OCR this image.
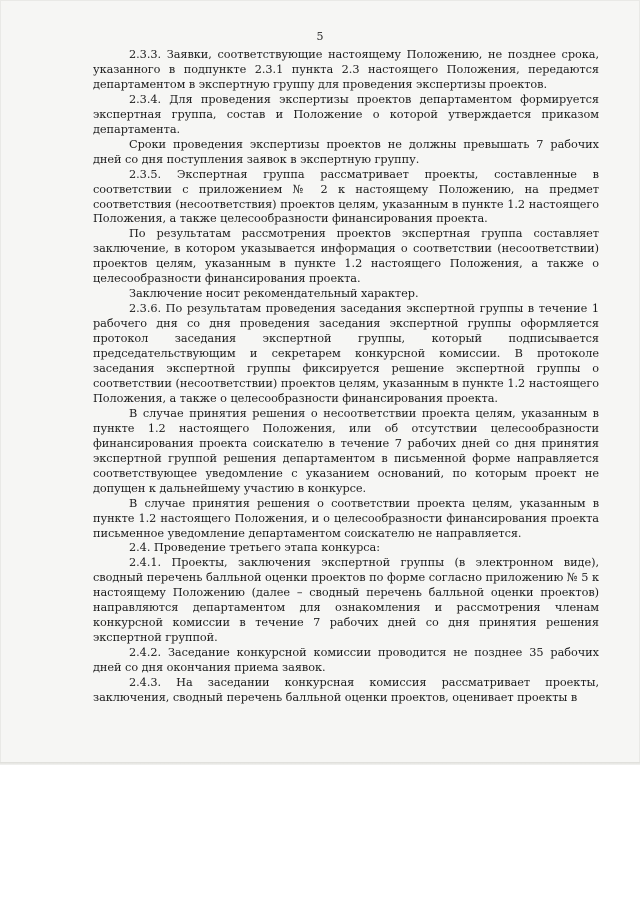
5

2.3.3. Заявки, соответствующие настоящему Положению, не позднее срока, указанного в подпункте 2.3.1 пункта 2.3 настоящего Положения, передаются департаментом в экспертную группу для проведения экспертизы проектов.

2.3.4. Для проведения экспертизы проектов департаментом формируется экспертная группа, состав и Положение о которой утверждается приказом департамента.

Сроки проведения экспертизы проектов не должны превышать 7 рабочих дней со дня поступления заявок в экспертную группу.

2.3.5. Экспертная группа рассматривает проекты, составленные в соответствии с приложением № 2 к настоящему Положению, на предмет соответствия (несоответствия) проектов целям, указанным в пункте 1.2 настоящего Положения, а также целесообразности финансирования проекта.

По результатам рассмотрения проектов экспертная группа составляет заключение, в котором указывается информация о соответствии (несоответствии) проектов целям, указанным в пункте 1.2 настоящего Положения, а также о целесообразности финансирования проекта.

Заключение носит рекомендательный характер.

2.3.6. По результатам проведения заседания экспертной группы в течение 1 рабочего дня со дня проведения заседания экспертной группы оформляется протокол заседания экспертной группы, который подписывается председательствующим и секретарем конкурсной комиссии. В протоколе заседания экспертной группы фиксируется решение экспертной группы о соответствии (несоответствии) проектов целям, указанным в пункте 1.2 настоящего Положения, а также о целесообразности финансирования проекта.

В случае принятия решения о несоответствии проекта целям, указанным в пункте 1.2 настоящего Положения, или об отсутствии целесообразности финансирования проекта соискателю в течение 7 рабочих дней со дня принятия экспертной группой решения департаментом в письменной форме направляется соответствующее уведомление с указанием оснований, по которым проект не допущен к дальнейшему участию в конкурсе.

В случае принятия решения о соответствии проекта целям, указанным в пункте 1.2 настоящего Положения, и о целесообразности финансирования проекта письменное уведомление департаментом соискателю не направляется.

2.4. Проведение третьего этапа конкурса:

2.4.1. Проекты, заключения экспертной группы (в электронном виде), сводный перечень балльной оценки проектов по форме согласно приложению № 5 к настоящему Положению (далее – сводный перечень балльной оценки проектов) направляются департаментом для ознакомления и рассмотрения членам конкурсной комиссии в течение 7 рабочих дней со дня принятия решения экспертной группой.

2.4.2. Заседание конкурсной комиссии проводится не позднее 35 рабочих дней со дня окончания приема заявок.

2.4.3. На заседании конкурсная комиссия рассматривает проекты, заключения, сводный перечень балльной оценки проектов, оценивает проекты в
